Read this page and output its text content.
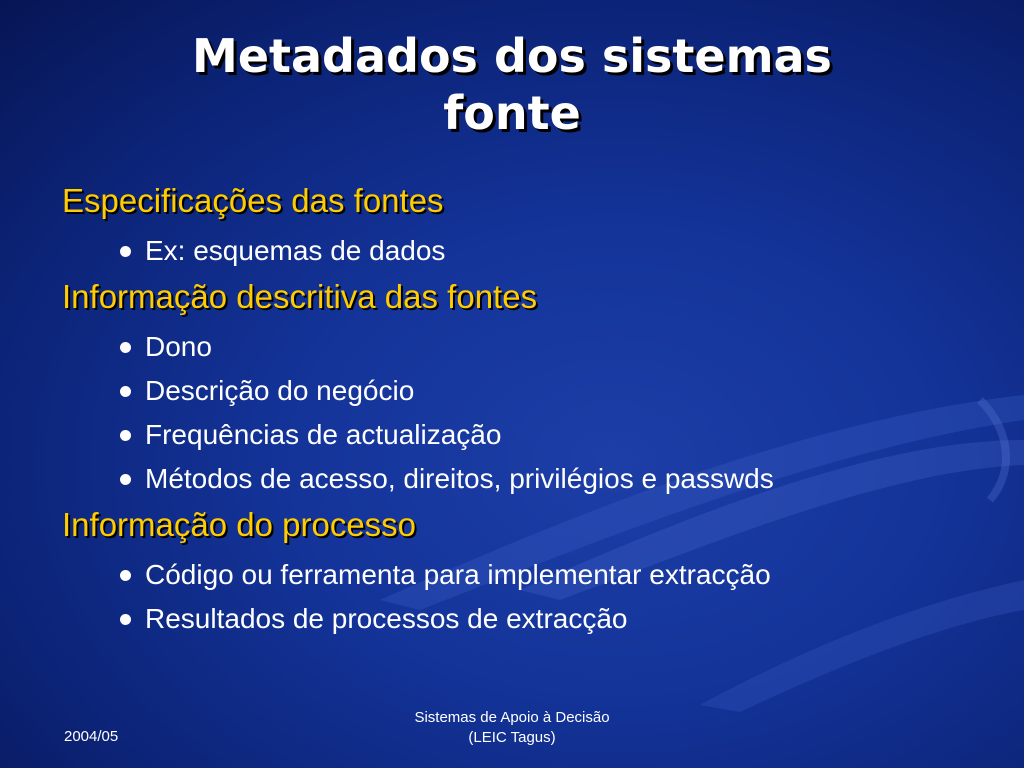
Metadados dos sistemas
fonte
Especificações das fontes
Ex: esquemas de dados
Informação descritiva das fontes
Dono
Descrição do negócio
Frequências de actualização
Métodos de acesso, direitos, privilégios e passwds
Informação do processo
Código ou ferramenta para implementar extracção
Resultados de processos de extracção
2004/05
Sistemas de Apoio à Decisão
(LEIC Tagus)
